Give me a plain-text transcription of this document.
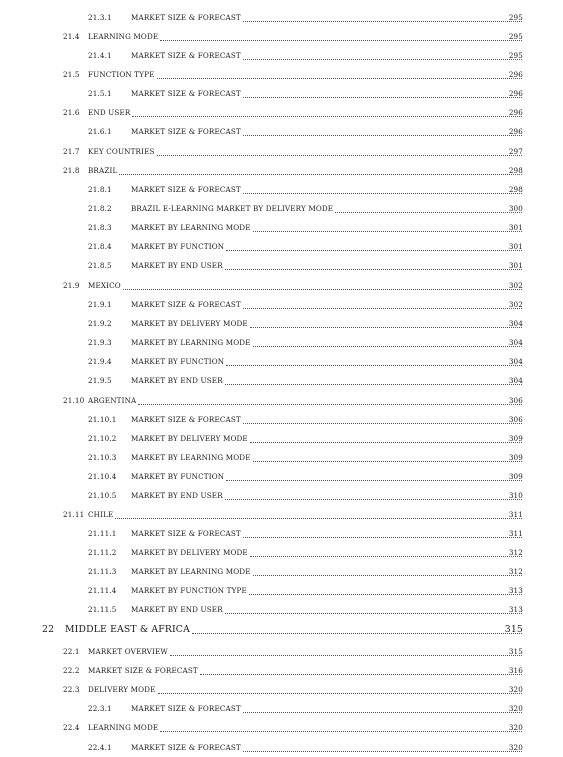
21.3.1	MARKET SIZE & FORECAST	295
21.4 LEARNING MODE	295
21.4.1	MARKET SIZE & FORECAST	295
21.5 FUNCTION TYPE	296
21.5.1	MARKET SIZE & FORECAST	296
21.6 END USER	296
21.6.1	MARKET SIZE & FORECAST	296
21.7 KEY COUNTRIES	297
21.8 BRAZIL	298
21.8.1	MARKET SIZE & FORECAST	298
21.8.2	BRAZIL E-LEARNING MARKET BY DELIVERY MODE	300
21.8.3	MARKET BY LEARNING MODE	301
21.8.4	MARKET BY FUNCTION	301
21.8.5	MARKET BY END USER	301
21.9 MEXICO	302
21.9.1	MARKET SIZE & FORECAST	302
21.9.2	MARKET BY DELIVERY MODE	304
21.9.3	MARKET BY LEARNING MODE	304
21.9.4	MARKET BY FUNCTION	304
21.9.5	MARKET BY END USER	304
21.10 ARGENTINA	306
21.10.1 MARKET SIZE & FORECAST	306
21.10.2 MARKET BY DELIVERY MODE	309
21.10.3 MARKET BY LEARNING MODE	309
21.10.4 MARKET BY FUNCTION	309
21.10.5 MARKET BY END USER	310
21.11 CHILE	311
21.11.1 MARKET SIZE & FORECAST	311
21.11.2 MARKET BY DELIVERY MODE	312
21.11.3 MARKET BY LEARNING MODE	312
21.11.4 MARKET BY FUNCTION TYPE	313
21.11.5 MARKET BY END USER	313
22 MIDDLE EAST & AFRICA	315
22.1 MARKET OVERVIEW	315
22.2 MARKET SIZE & FORECAST	316
22.3 DELIVERY MODE	320
22.3.1	MARKET SIZE & FORECAST	320
22.4 LEARNING MODE	320
22.4.1	MARKET SIZE & FORECAST	320
